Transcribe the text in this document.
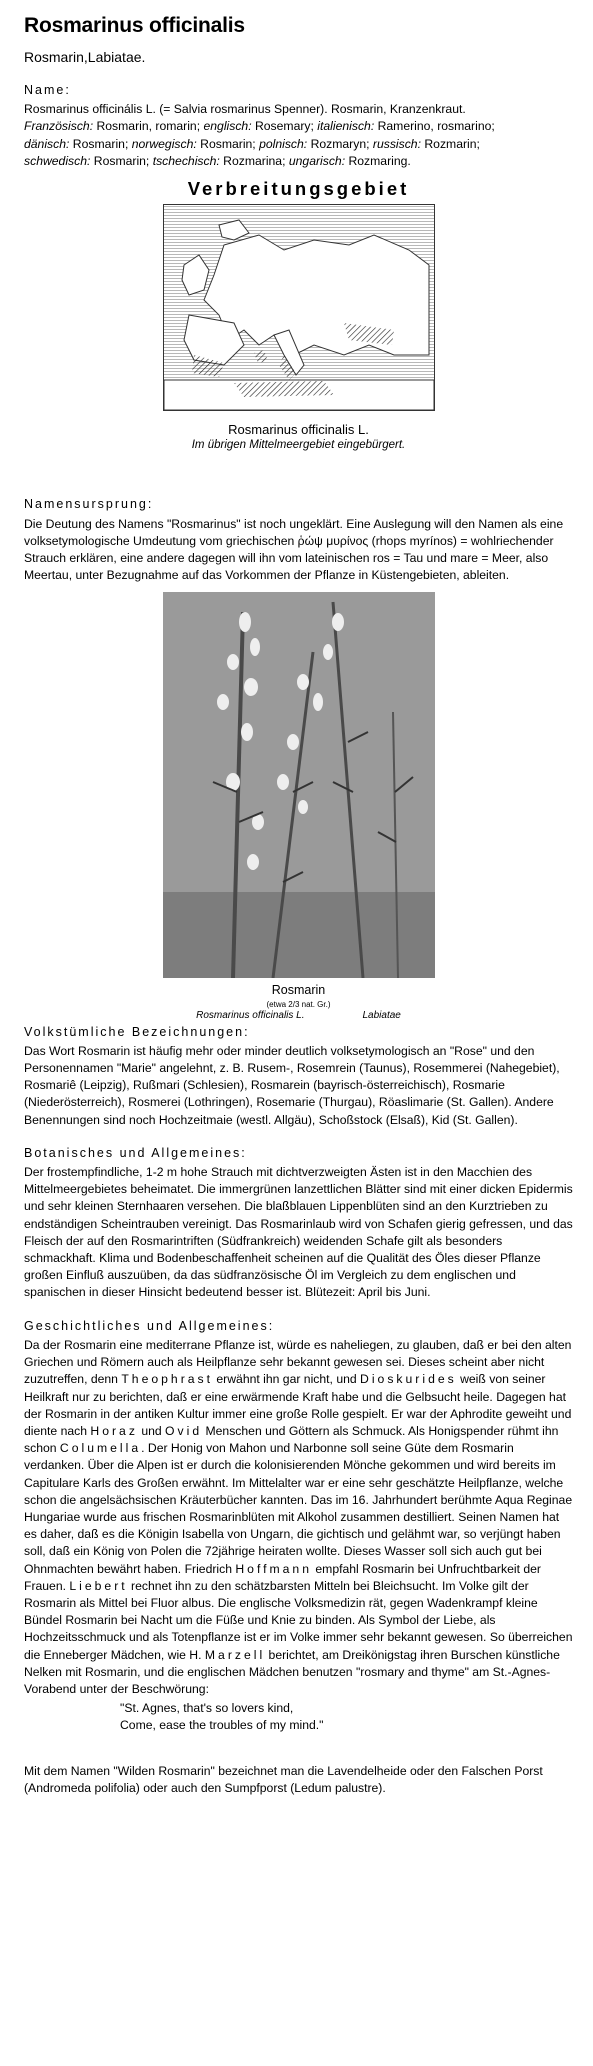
Rosmarinus officinalis
Rosmarin,Labiatae.
Name:

Rosmarinus officinális L. (= Salvia rosmarinus Spenner). Rosmarin, Kranzenkraut.
Französisch: Rosmarin, romarin; englisch: Rosemary; italienisch: Ramerino, rosmarino;
dänisch: Rosmarin; norwegisch: Rosmarin; polnisch: Rozmaryn; russisch: Rozmarin;
schwedisch: Rosmarin; tschechisch: Rozmarina; ungarisch: Rozmaring.

Verbreitungsgebiet
Rosmarinus officinalis L.
Im übrigen Mittelmeergebiet eingebürgert.
Namensursprung:

Die Deutung des Namens "Rosmarinus" ist noch ungeklärt. Eine Auslegung will den Namen als eine volksetymologische Umdeutung vom griechischen ῥώψ μυρίνος (rhops myrínos) = wohlriechender Strauch erklären, eine andere dagegen will ihn vom lateinischen ros = Tau und mare = Meer, also Meertau, unter Bezugnahme auf das Vorkommen der Pflanze in Küstengebieten, ableiten.

Rosmarin
(etwa 2/3 nat. Gr.)
Rosmarinus officinalis L.	Labiatae
Volkstümliche Bezeichnungen:

Das Wort Rosmarin ist häufig mehr oder minder deutlich volksetymologisch an "Rose" und den Personennamen "Marie" angelehnt, z. B. Rusem-, Rosemrein (Taunus), Rosemmerei (Nahegebiet), Rosmariê (Leipzig), Rußmari (Schlesien), Rosmarein (bayrisch-österreichisch), Rosmarie (Niederösterreich), Rosmerei (Lothringen), Rosemarie (Thurgau), Röaslimarie (St. Gallen). Andere Benennungen sind noch Hochzeitmaie (westl. Allgäu), Schoßstock (Elsaß), Kid (St. Gallen).

Botanisches und Allgemeines:

Der frostempfindliche, 1-2 m hohe Strauch mit dichtverzweigten Ästen ist in den Macchien des Mittelmeergebietes beheimatet. Die immergrünen lanzettlichen Blätter sind mit einer dicken Epidermis und sehr kleinen Sternhaaren versehen. Die blaßblauen Lippenblüten sind an den Kurztrieben zu endständigen Scheintrauben vereinigt. Das Rosmarinlaub wird von Schafen gierig gefressen, und das Fleisch der auf den Rosmarintriften (Südfrankreich) weidenden Schafe gilt als besonders schmackhaft. Klima und Bodenbeschaffenheit scheinen auf die Qualität des Öles dieser Pflanze großen Einfluß auszuüben, da das südfranzösische Öl im Vergleich zu dem englischen und spanischen in dieser Hinsicht bedeutend besser ist. Blütezeit: April bis Juni.

Geschichtliches und Allgemeines:

Da der Rosmarin eine mediterrane Pflanze ist, würde es naheliegen, zu glauben, daß er bei den alten Griechen und Römern auch als Heilpflanze sehr bekannt gewesen sei. Dieses scheint aber nicht zuzutreffen, denn Theophrast erwähnt ihn gar nicht, und Dioskurides weiß von seiner Heilkraft nur zu berichten, daß er eine erwärmende Kraft habe und die Gelbsucht heile. Dagegen hat der Rosmarin in der antiken Kultur immer eine große Rolle gespielt. Er war der Aphrodite geweiht und diente nach Horaz und Ovid Menschen und Göttern als Schmuck. Als Honigspender rühmt ihn schon Columella. Der Honig von Mahon und Narbonne soll seine Güte dem Rosmarin verdanken. Über die Alpen ist er durch die kolonisierenden Mönche gekommen und wird bereits im Capitulare Karls des Großen erwähnt. Im Mittelalter war er eine sehr geschätzte Heilpflanze, welche schon die angelsächsischen Kräuterbücher kannten. Das im 16. Jahrhundert berühmte Aqua Reginae Hungariae wurde aus frischen Rosmarinblüten mit Alkohol zusammen destilliert. Seinen Namen hat es daher, daß es die Königin Isabella von Ungarn, die gichtisch und gelähmt war, so verjüngt haben soll, daß ein König von Polen die 72jährige heiraten wollte. Dieses Wasser soll sich auch gut bei Ohnmachten bewährt haben. Friedrich Hoffmann empfahl Rosmarin bei Unfruchtbarkeit der Frauen. Liebert rechnet ihn zu den schätzbarsten Mitteln bei Bleichsucht. Im Volke gilt der Rosmarin als Mittel bei Fluor albus. Die englische Volksmedizin rät, gegen Wadenkrampf kleine Bündel Rosmarin bei Nacht um die Füße und Knie zu binden. Als Symbol der Liebe, als Hochzeitsschmuck und als Totenpflanze ist er im Volke immer sehr bekannt gewesen. So überreichen die Enneberger Mädchen, wie H. Marzell berichtet, am Dreikönigstag ihren Burschen künstliche Nelken mit Rosmarin, und die englischen Mädchen benutzen "rosmary and thyme" am St.-Agnes-Vorabend unter der Beschwörung:

"St. Agnes, that's so lovers kind,
Come, ease the troubles of my mind."

Mit dem Namen "Wilden Rosmarin" bezeichnet man die Lavendelheide oder den Falschen Porst (Andromeda polifolia) oder auch den Sumpfporst (Ledum palustre).
